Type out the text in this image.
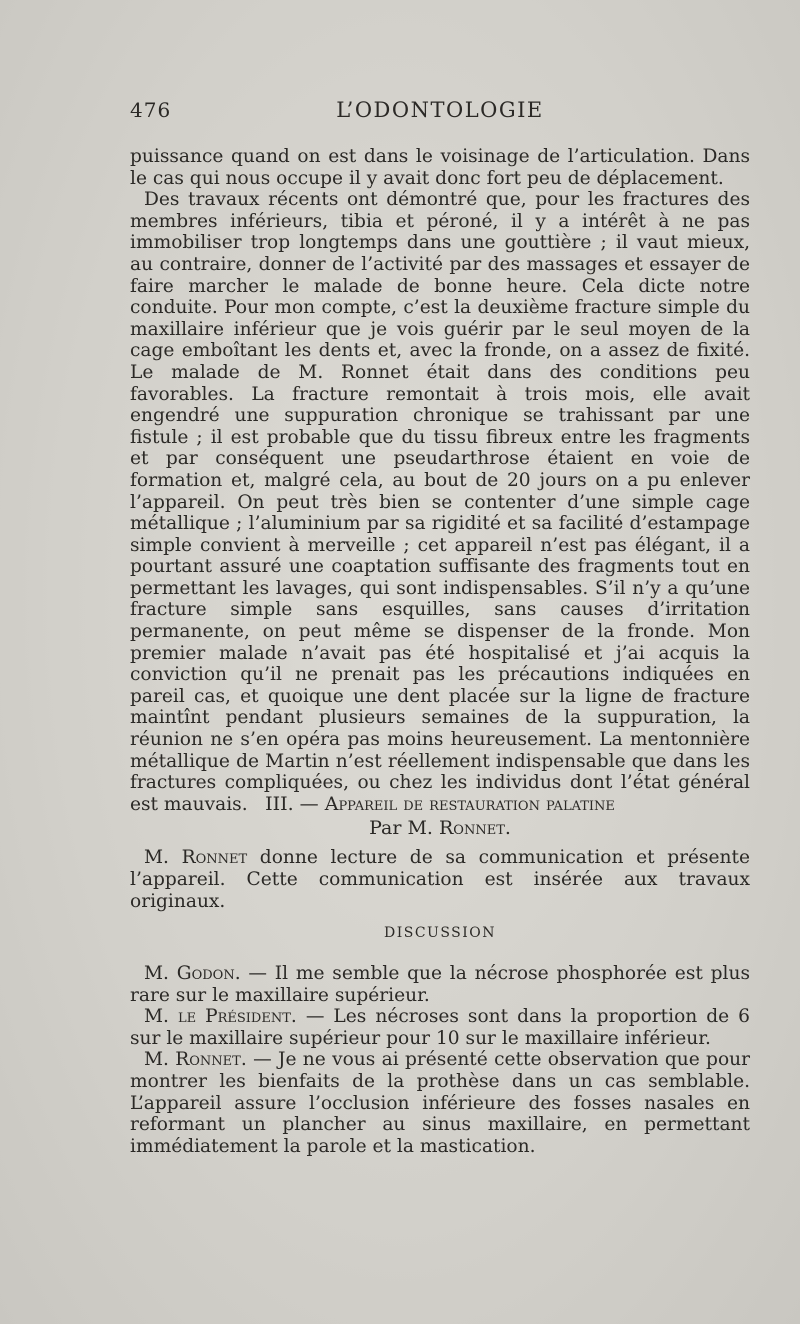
476	L’ODONTOLOGIE

puissance quand on est dans le voisinage de l’articulation. Dans le cas qui nous occupe il y avait donc fort peu de déplacement.

Des travaux récents ont démontré que, pour les fractures des membres inférieurs, tibia et péroné, il y a intérêt à ne pas immobiliser trop longtemps dans une gouttière ; il vaut mieux, au contraire, donner de l’activité par des massages et essayer de faire marcher le malade de bonne heure. Cela dicte notre conduite. Pour mon compte, c’est la deuxième fracture simple du maxillaire inférieur que je vois guérir par le seul moyen de la cage emboîtant les dents et, avec la fronde, on a assez de fixité. Le malade de M. Ronnet était dans des conditions peu favorables. La fracture remontait à trois mois, elle avait engendré une suppuration chronique se trahissant par une fistule ; il est probable que du tissu fibreux entre les fragments et par conséquent une pseudarthrose étaient en voie de formation et, malgré cela, au bout de 20 jours on a pu enlever l’appareil. On peut très bien se contenter d’une simple cage métallique ; l’aluminium par sa rigidité et sa facilité d’estampage simple convient à merveille ; cet appareil n’est pas élégant, il a pourtant assuré une coaptation suffisante des fragments tout en permettant les lavages, qui sont indispensables. S’il n’y a qu’une fracture simple sans esquilles, sans causes d’irritation permanente, on peut même se dispenser de la fronde. Mon premier malade n’avait pas été hospitalisé et j’ai acquis la conviction qu’il ne prenait pas les précautions indiquées en pareil cas, et quoique une dent placée sur la ligne de fracture maintînt pendant plusieurs semaines de la suppuration, la réunion ne s’en opéra pas moins heureusement. La mentonnière métallique de Martin n’est réellement indispensable que dans les fractures compliquées, ou chez les individus dont l’état général est mauvais. III. — Appareil de restauration palatine
Par M. Ronnet.

M. Ronnet donne lecture de sa communication et présente l’appareil. Cette communication est insérée aux travaux originaux.

DISCUSSION

M. Godon. — Il me semble que la nécrose phosphorée est plus rare sur le maxillaire supérieur.

M. le Président. — Les nécroses sont dans la proportion de 6 sur le maxillaire supérieur pour 10 sur le maxillaire inférieur.

M. Ronnet. — Je ne vous ai présenté cette observation que pour montrer les bienfaits de la prothèse dans un cas semblable. L’appareil assure l’occlusion inférieure des fosses nasales en reformant un plancher au sinus maxillaire, en permettant immédiatement la parole et la mastication.
